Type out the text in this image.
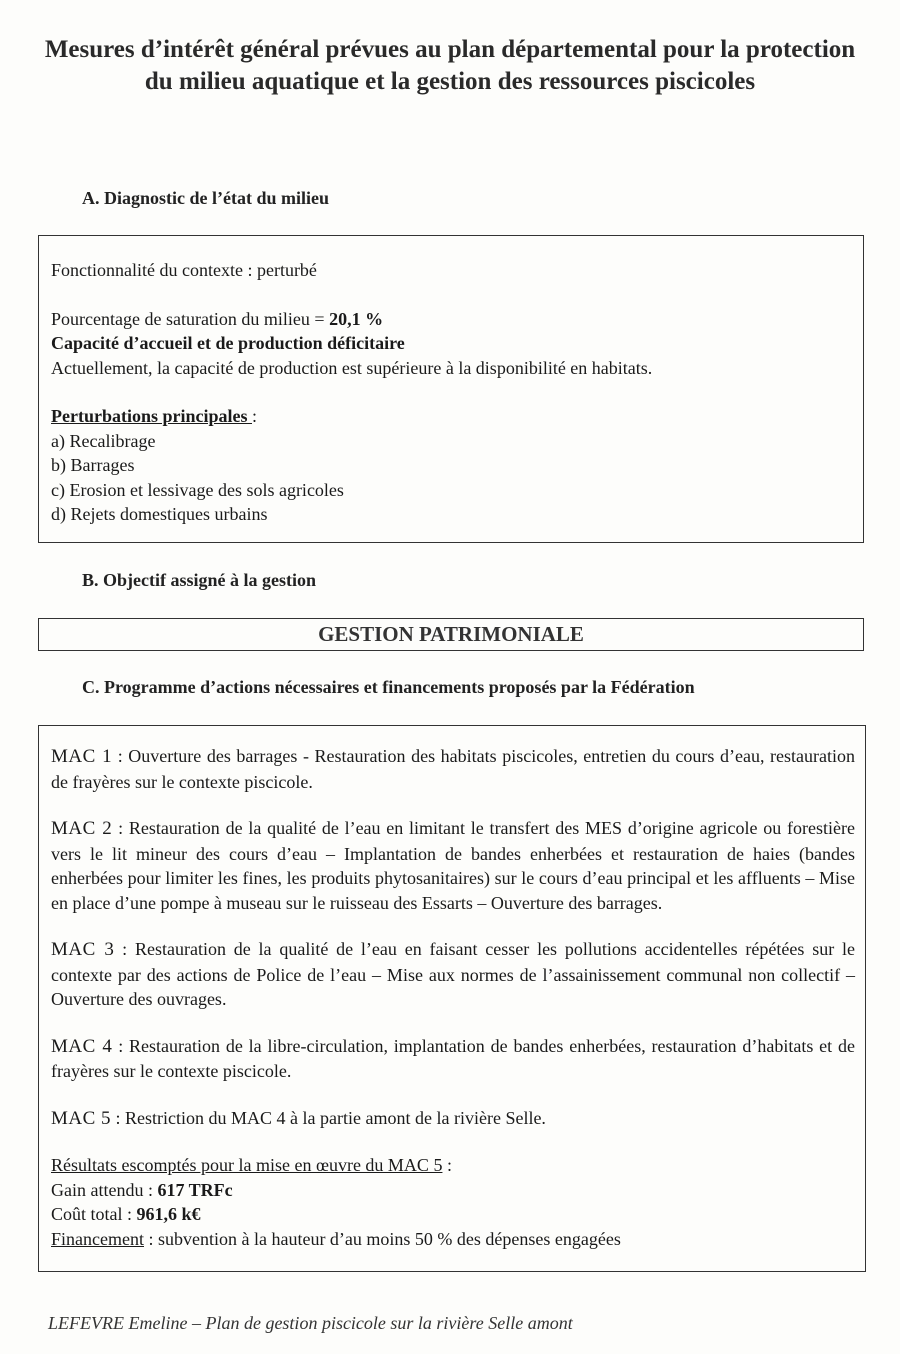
Mesures d’intérêt général prévues au plan départemental pour la protection du milieu aquatique et la gestion des ressources piscicoles
A. Diagnostic de l’état du milieu
Fonctionnalité du contexte : perturbé
Pourcentage de saturation du milieu = 20,1 %
Capacité d’accueil et de production déficitaire
Actuellement, la capacité de production est supérieure à la disponibilité en habitats.
Perturbations principales :
a) Recalibrage
b) Barrages
c) Erosion et lessivage des sols agricoles
d) Rejets domestiques urbains
B. Objectif assigné à la gestion
GESTION PATRIMONIALE
C. Programme d’actions nécessaires et financements proposés par la Fédération
MAC 1 : Ouverture des barrages - Restauration des habitats piscicoles, entretien du cours d’eau, restauration de frayères sur le contexte piscicole.
MAC 2 : Restauration de la qualité de l’eau en limitant le transfert des MES d’origine agricole ou forestière vers le lit mineur des cours d’eau – Implantation de bandes enherbées et restauration de haies (bandes enherbées pour limiter les fines, les produits phytosanitaires) sur le cours d’eau principal et les affluents – Mise en place d’une pompe à museau sur le ruisseau des Essarts – Ouverture des barrages.
MAC 3 : Restauration de la qualité de l’eau en faisant cesser les pollutions accidentelles répétées sur le contexte par des actions de Police de l’eau – Mise aux normes de l’assainissement communal non collectif – Ouverture des ouvrages.
MAC 4 : Restauration de la libre-circulation, implantation de bandes enherbées, restauration d’habitats et de frayères sur le contexte piscicole.
MAC 5 : Restriction du MAC 4 à la partie amont de la rivière Selle.
Résultats escomptés pour la mise en œuvre du MAC 5 :
Gain attendu : 617 TRFc
Coût total : 961,6 k€
Financement : subvention à la hauteur d’au moins 50 % des dépenses engagées
LEFEVRE Emeline – Plan de gestion piscicole sur la rivière Selle amont
